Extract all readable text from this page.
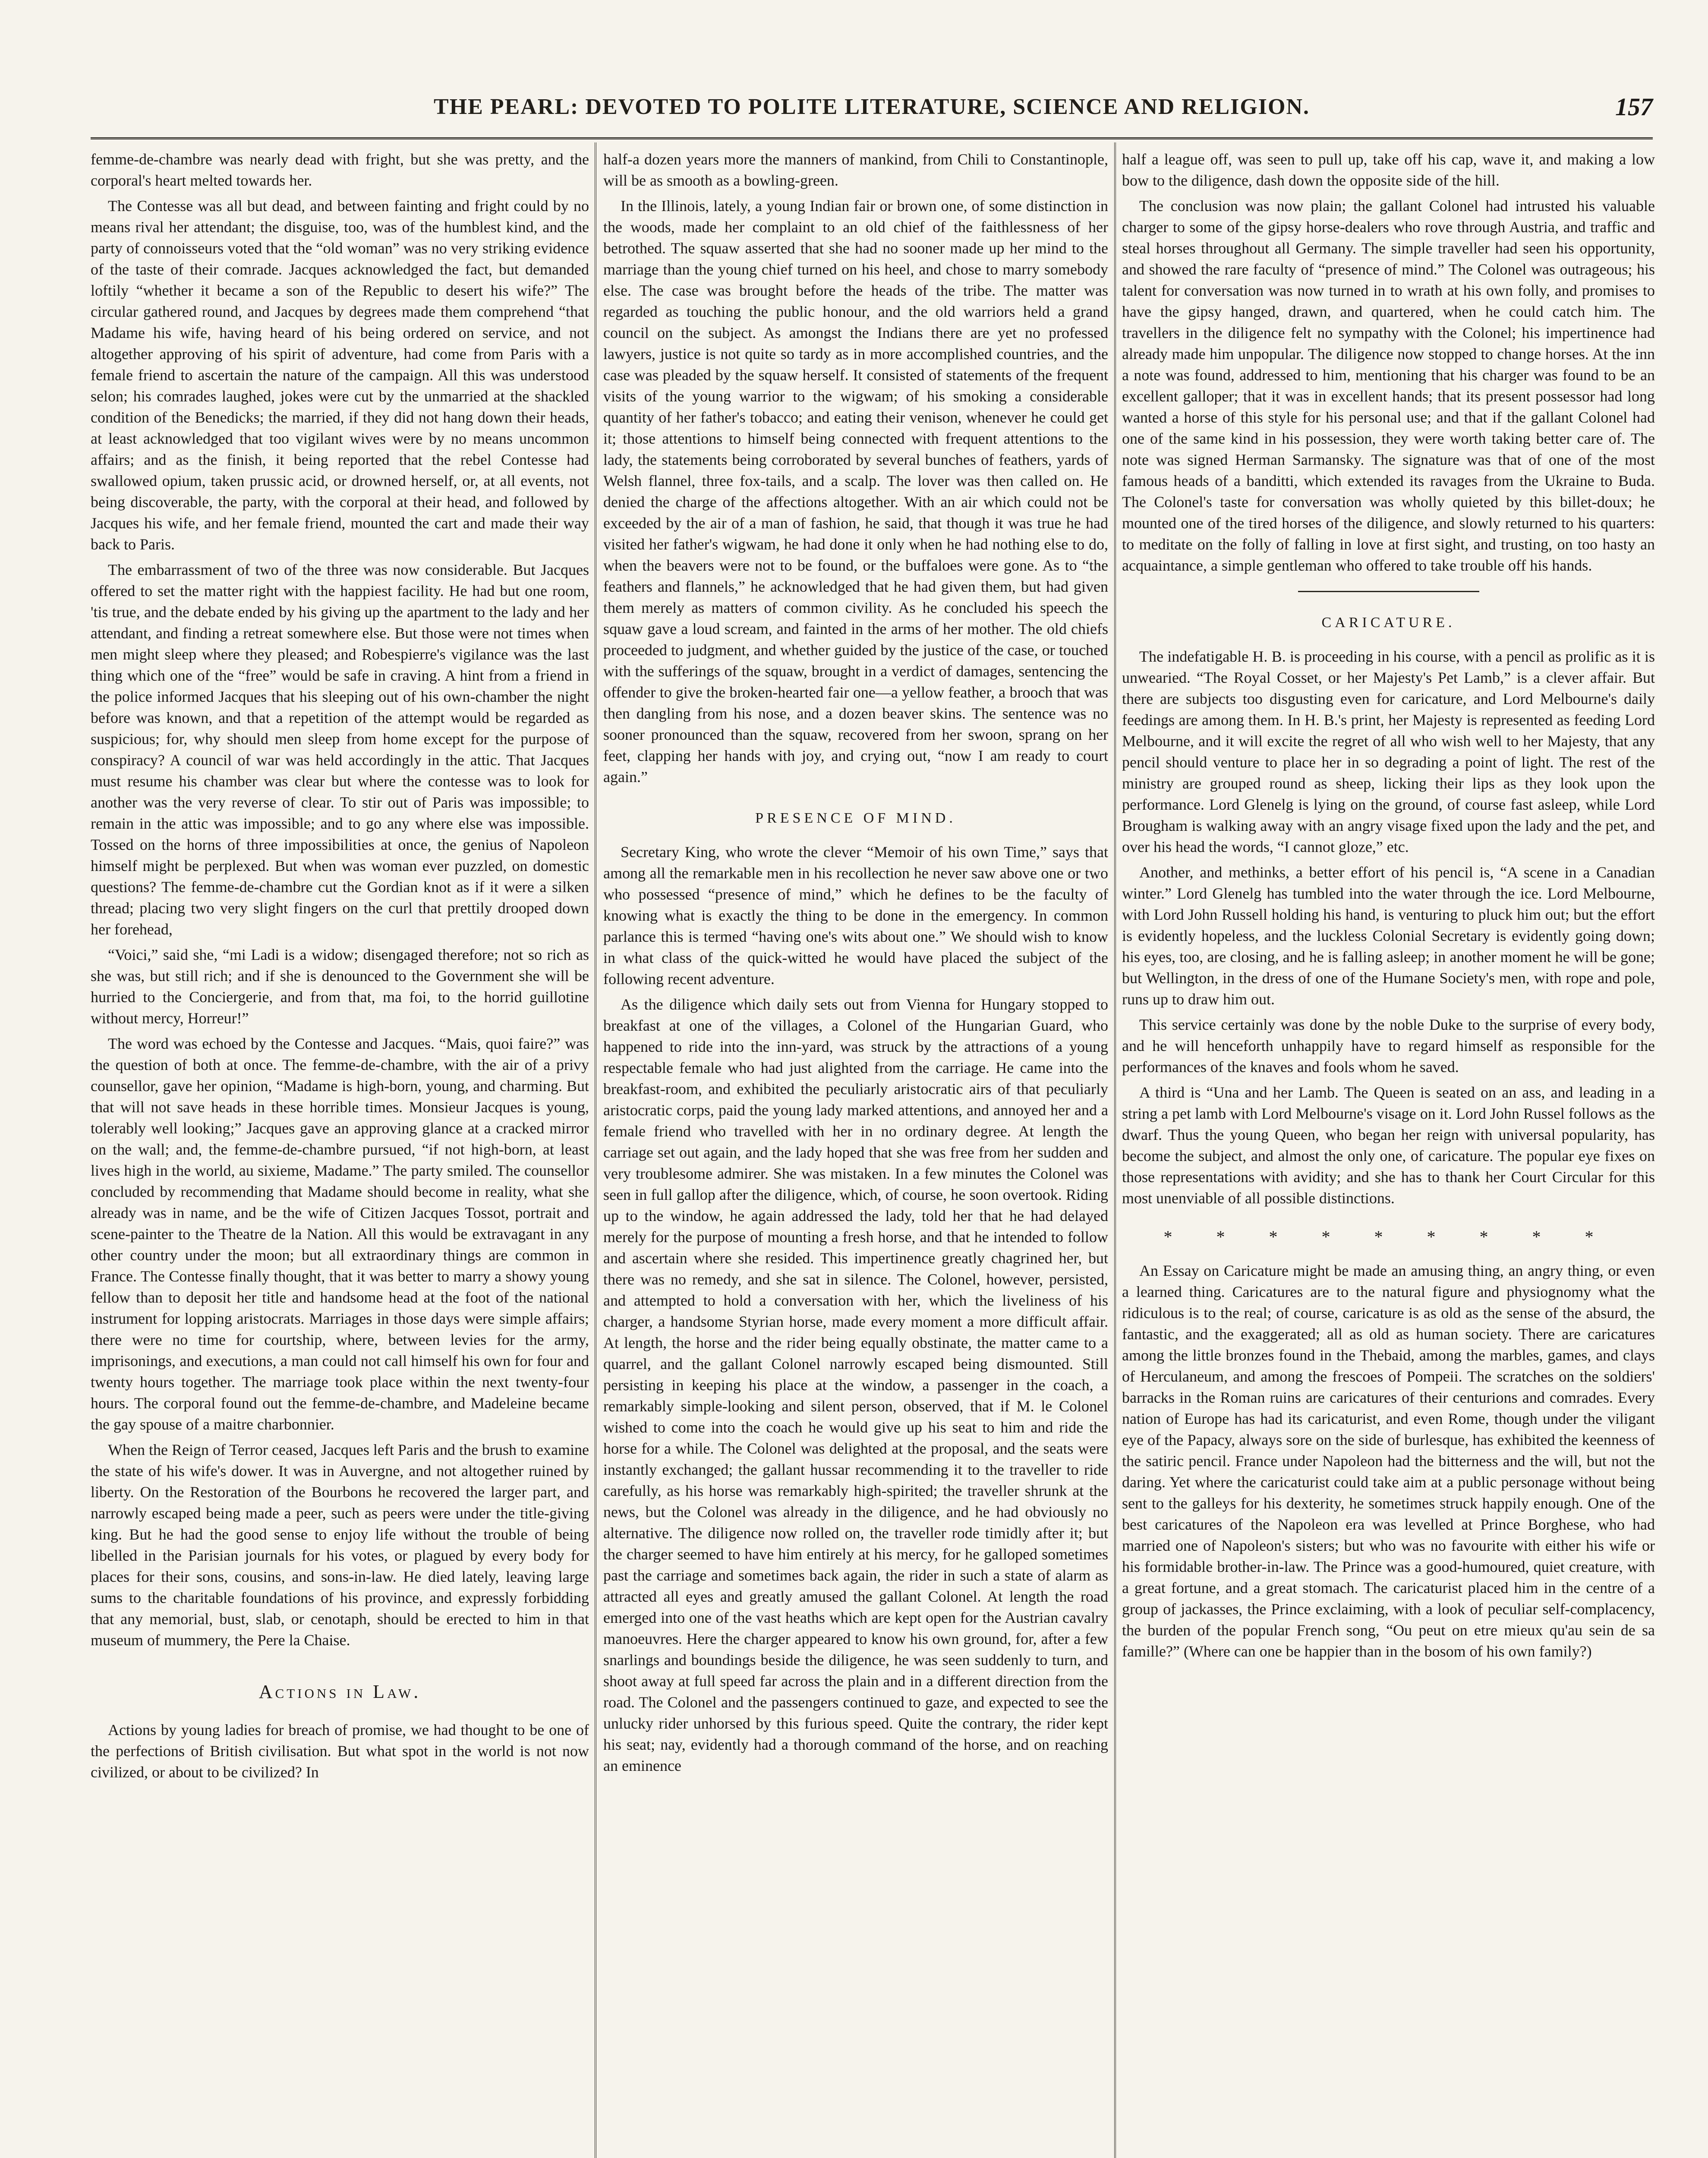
THE PEARL: DEVOTED TO POLITE LITERATURE, SCIENCE AND RELIGION.	157

femme-de-chambre was nearly dead with fright, but she was pretty, and the corporal's heart melted towards her.

The Contesse was all but dead, and between fainting and fright could by no means rival her attendant; the disguise, too, was of the humblest kind, and the party of connoisseurs voted that the “old woman” was no very striking evidence of the taste of their comrade. Jacques acknowledged the fact, but demanded loftily “whether it became a son of the Republic to desert his wife?” The circular gathered round, and Jacques by degrees made them comprehend “that Madame his wife, having heard of his being ordered on service, and not altogether approving of his spirit of adventure, had come from Paris with a female friend to ascertain the nature of the campaign. All this was understood selon; his comrades laughed, jokes were cut by the unmarried at the shackled condition of the Benedicks; the married, if they did not hang down their heads, at least acknowledged that too vigilant wives were by no means uncommon affairs; and as the finish, it being reported that the rebel Contesse had swallowed opium, taken prussic acid, or drowned herself, or, at all events, not being discoverable, the party, with the corporal at their head, and followed by Jacques his wife, and her female friend, mounted the cart and made their way back to Paris.

The embarrassment of two of the three was now considerable. But Jacques offered to set the matter right with the happiest facility. He had but one room, 'tis true, and the debate ended by his giving up the apartment to the lady and her attendant, and finding a retreat somewhere else. But those were not times when men might sleep where they pleased; and Robespierre's vigilance was the last thing which one of the “free” would be safe in craving. A hint from a friend in the police informed Jacques that his sleeping out of his own-chamber the night before was known, and that a repetition of the attempt would be regarded as suspicious; for, why should men sleep from home except for the purpose of conspiracy? A council of war was held accordingly in the attic. That Jacques must resume his chamber was clear but where the contesse was to look for another was the very reverse of clear. To stir out of Paris was impossible; to remain in the attic was impossible; and to go any where else was impossible. Tossed on the horns of three impossibilities at once, the genius of Napoleon himself might be perplexed. But when was woman ever puzzled, on domestic questions? The femme-de-chambre cut the Gordian knot as if it were a silken thread; placing two very slight fingers on the curl that prettily drooped down her forehead,

“Voici,” said she, “mi Ladi is a widow; disengaged therefore; not so rich as she was, but still rich; and if she is denounced to the Government she will be hurried to the Conciergerie, and from that, ma foi, to the horrid guillotine without mercy, Horreur!”

The word was echoed by the Contesse and Jacques. “Mais, quoi faire?” was the question of both at once. The femme-de-chambre, with the air of a privy counsellor, gave her opinion, “Madame is high-born, young, and charming. But that will not save heads in these horrible times. Monsieur Jacques is young, tolerably well looking;” Jacques gave an approving glance at a cracked mirror on the wall; and, the femme-de-chambre pursued, “if not high-born, at least lives high in the world, au sixieme, Madame.” The party smiled. The counsellor concluded by recommending that Madame should become in reality, what she already was in name, and be the wife of Citizen Jacques Tossot, portrait and scene-painter to the Theatre de la Nation. All this would be extravagant in any other country under the moon; but all extraordinary things are common in France. The Contesse finally thought, that it was better to marry a showy young fellow than to deposit her title and handsome head at the foot of the national instrument for lopping aristocrats. Marriages in those days were simple affairs; there were no time for courtship, where, between levies for the army, imprisonings, and executions, a man could not call himself his own for four and twenty hours together. The marriage took place within the next twenty-four hours. The corporal found out the femme-de-chambre, and Madeleine became the gay spouse of a maitre charbonnier.

When the Reign of Terror ceased, Jacques left Paris and the brush to examine the state of his wife's dower. It was in Auvergne, and not altogether ruined by liberty. On the Restoration of the Bourbons he recovered the larger part, and narrowly escaped being made a peer, such as peers were under the title-giving king. But he had the good sense to enjoy life without the trouble of being libelled in the Parisian journals for his votes, or plagued by every body for places for their sons, cousins, and sons-in-law. He died lately, leaving large sums to the charitable foundations of his province, and expressly forbidding that any memorial, bust, slab, or cenotaph, should be erected to him in that museum of mummery, the Pere la Chaise.

Actions in Law.

Actions by young ladies for breach of promise, we had thought to be one of the perfections of British civilisation. But what spot in the world is not now civilized, or about to be civilized? In

half-a dozen years more the manners of mankind, from Chili to Constantinople, will be as smooth as a bowling-green.

In the Illinois, lately, a young Indian fair or brown one, of some distinction in the woods, made her complaint to an old chief of the faithlessness of her betrothed. The squaw asserted that she had no sooner made up her mind to the marriage than the young chief turned on his heel, and chose to marry somebody else. The case was brought before the heads of the tribe. The matter was regarded as touching the public honour, and the old warriors held a grand council on the subject. As amongst the Indians there are yet no professed lawyers, justice is not quite so tardy as in more accomplished countries, and the case was pleaded by the squaw herself. It consisted of statements of the frequent visits of the young warrior to the wigwam; of his smoking a considerable quantity of her father's tobacco; and eating their venison, whenever he could get it; those attentions to himself being connected with frequent attentions to the lady, the statements being corroborated by several bunches of feathers, yards of Welsh flannel, three fox-tails, and a scalp. The lover was then called on. He denied the charge of the affections altogether. With an air which could not be exceeded by the air of a man of fashion, he said, that though it was true he had visited her father's wigwam, he had done it only when he had nothing else to do, when the beavers were not to be found, or the buffaloes were gone. As to “the feathers and flannels,” he acknowledged that he had given them, but had given them merely as matters of common civility. As he concluded his speech the squaw gave a loud scream, and fainted in the arms of her mother. The old chiefs proceeded to judgment, and whether guided by the justice of the case, or touched with the sufferings of the squaw, brought in a verdict of damages, sentencing the offender to give the broken-hearted fair one—a yellow feather, a brooch that was then dangling from his nose, and a dozen beaver skins. The sentence was no sooner pronounced than the squaw, recovered from her swoon, sprang on her feet, clapping her hands with joy, and crying out, “now I am ready to court again.”

PRESENCE OF MIND.

Secretary King, who wrote the clever “Memoir of his own Time,” says that among all the remarkable men in his recollection he never saw above one or two who possessed “presence of mind,” which he defines to be the faculty of knowing what is exactly the thing to be done in the emergency. In common parlance this is termed “having one's wits about one.” We should wish to know in what class of the quick-witted he would have placed the subject of the following recent adventure.

As the diligence which daily sets out from Vienna for Hungary stopped to breakfast at one of the villages, a Colonel of the Hungarian Guard, who happened to ride into the inn-yard, was struck by the attractions of a young respectable female who had just alighted from the carriage. He came into the breakfast-room, and exhibited the peculiarly aristocratic airs of that peculiarly aristocratic corps, paid the young lady marked attentions, and annoyed her and a female friend who travelled with her in no ordinary degree. At length the carriage set out again, and the lady hoped that she was free from her sudden and very troublesome admirer. She was mistaken. In a few minutes the Colonel was seen in full gallop after the diligence, which, of course, he soon overtook. Riding up to the window, he again addressed the lady, told her that he had delayed merely for the purpose of mounting a fresh horse, and that he intended to follow and ascertain where she resided. This impertinence greatly chagrined her, but there was no remedy, and she sat in silence. The Colonel, however, persisted, and attempted to hold a conversation with her, which the liveliness of his charger, a handsome Styrian horse, made every moment a more difficult affair. At length, the horse and the rider being equally obstinate, the matter came to a quarrel, and the gallant Colonel narrowly escaped being dismounted. Still persisting in keeping his place at the window, a passenger in the coach, a remarkably simple-looking and silent person, observed, that if M. le Colonel wished to come into the coach he would give up his seat to him and ride the horse for a while. The Colonel was delighted at the proposal, and the seats were instantly exchanged; the gallant hussar recommending it to the traveller to ride carefully, as his horse was remarkably high-spirited; the traveller shrunk at the news, but the Colonel was already in the diligence, and he had obviously no alternative. The diligence now rolled on, the traveller rode timidly after it; but the charger seemed to have him entirely at his mercy, for he galloped sometimes past the carriage and sometimes back again, the rider in such a state of alarm as attracted all eyes and greatly amused the gallant Colonel. At length the road emerged into one of the vast heaths which are kept open for the Austrian cavalry manoeuvres. Here the charger appeared to know his own ground, for, after a few snarlings and boundings beside the diligence, he was seen suddenly to turn, and shoot away at full speed far across the plain and in a different direction from the road. The Colonel and the passengers continued to gaze, and expected to see the unlucky rider unhorsed by this furious speed. Quite the contrary, the rider kept his seat; nay, evidently had a thorough command of the horse, and on reaching an eminence

half a league off, was seen to pull up, take off his cap, wave it, and making a low bow to the diligence, dash down the opposite side of the hill.

The conclusion was now plain; the gallant Colonel had intrusted his valuable charger to some of the gipsy horse-dealers who rove through Austria, and traffic and steal horses throughout all Germany. The simple traveller had seen his opportunity, and showed the rare faculty of “presence of mind.” The Colonel was outrageous; his talent for conversation was now turned in to wrath at his own folly, and promises to have the gipsy hanged, drawn, and quartered, when he could catch him. The travellers in the diligence felt no sympathy with the Colonel; his impertinence had already made him unpopular. The diligence now stopped to change horses. At the inn a note was found, addressed to him, mentioning that his charger was found to be an excellent galloper; that it was in excellent hands; that its present possessor had long wanted a horse of this style for his personal use; and that if the gallant Colonel had one of the same kind in his possession, they were worth taking better care of. The note was signed Herman Sarmansky. The signature was that of one of the most famous heads of a banditti, which extended its ravages from the Ukraine to Buda. The Colonel's taste for conversation was wholly quieted by this billet-doux; he mounted one of the tired horses of the diligence, and slowly returned to his quarters: to meditate on the folly of falling in love at first sight, and trusting, on too hasty an acquaintance, a simple gentleman who offered to take trouble off his hands.

CARICATURE.

The indefatigable H. B. is proceeding in his course, with a pencil as prolific as it is unwearied. “The Royal Cosset, or her Majesty's Pet Lamb,” is a clever affair. But there are subjects too disgusting even for caricature, and Lord Melbourne's daily feedings are among them. In H. B.'s print, her Majesty is represented as feeding Lord Melbourne, and it will excite the regret of all who wish well to her Majesty, that any pencil should venture to place her in so degrading a point of light. The rest of the ministry are grouped round as sheep, licking their lips as they look upon the performance. Lord Glenelg is lying on the ground, of course fast asleep, while Lord Brougham is walking away with an angry visage fixed upon the lady and the pet, and over his head the words, “I cannot gloze,” etc.

Another, and methinks, a better effort of his pencil is, “A scene in a Canadian winter.” Lord Glenelg has tumbled into the water through the ice. Lord Melbourne, with Lord John Russell holding his hand, is venturing to pluck him out; but the effort is evidently hopeless, and the luckless Colonial Secretary is evidently going down; his eyes, too, are closing, and he is falling asleep; in another moment he will be gone; but Wellington, in the dress of one of the Humane Society's men, with rope and pole, runs up to draw him out.

This service certainly was done by the noble Duke to the surprise of every body, and he will henceforth unhappily have to regard himself as responsible for the performances of the knaves and fools whom he saved.

A third is “Una and her Lamb. The Queen is seated on an ass, and leading in a string a pet lamb with Lord Melbourne's visage on it. Lord John Russel follows as the dwarf. Thus the young Queen, who began her reign with universal popularity, has become the subject, and almost the only one, of caricature. The popular eye fixes on those representations with avidity; and she has to thank her Court Circular for this most unenviable of all possible distinctions.

* * * * * * * * *

An Essay on Caricature might be made an amusing thing, an angry thing, or even a learned thing. Caricatures are to the natural figure and physiognomy what the ridiculous is to the real; of course, caricature is as old as the sense of the absurd, the fantastic, and the exaggerated; all as old as human society. There are caricatures among the little bronzes found in the Thebaid, among the marbles, games, and clays of Herculaneum, and among the frescoes of Pompeii. The scratches on the soldiers' barracks in the Roman ruins are caricatures of their centurions and comrades. Every nation of Europe has had its caricaturist, and even Rome, though under the viligant eye of the Papacy, always sore on the side of burlesque, has exhibited the keenness of the satiric pencil. France under Napoleon had the bitterness and the will, but not the daring. Yet where the caricaturist could take aim at a public personage without being sent to the galleys for his dexterity, he sometimes struck happily enough. One of the best caricatures of the Napoleon era was levelled at Prince Borghese, who had married one of Napoleon's sisters; but who was no favourite with either his wife or his formidable brother-in-law. The Prince was a good-humoured, quiet creature, with a great fortune, and a great stomach. The caricaturist placed him in the centre of a group of jackasses, the Prince exclaiming, with a look of peculiar self-complacency, the burden of the popular French song, “Ou peut on etre mieux qu'au sein de sa famille?” (Where can one be happier than in the bosom of his own family?)
